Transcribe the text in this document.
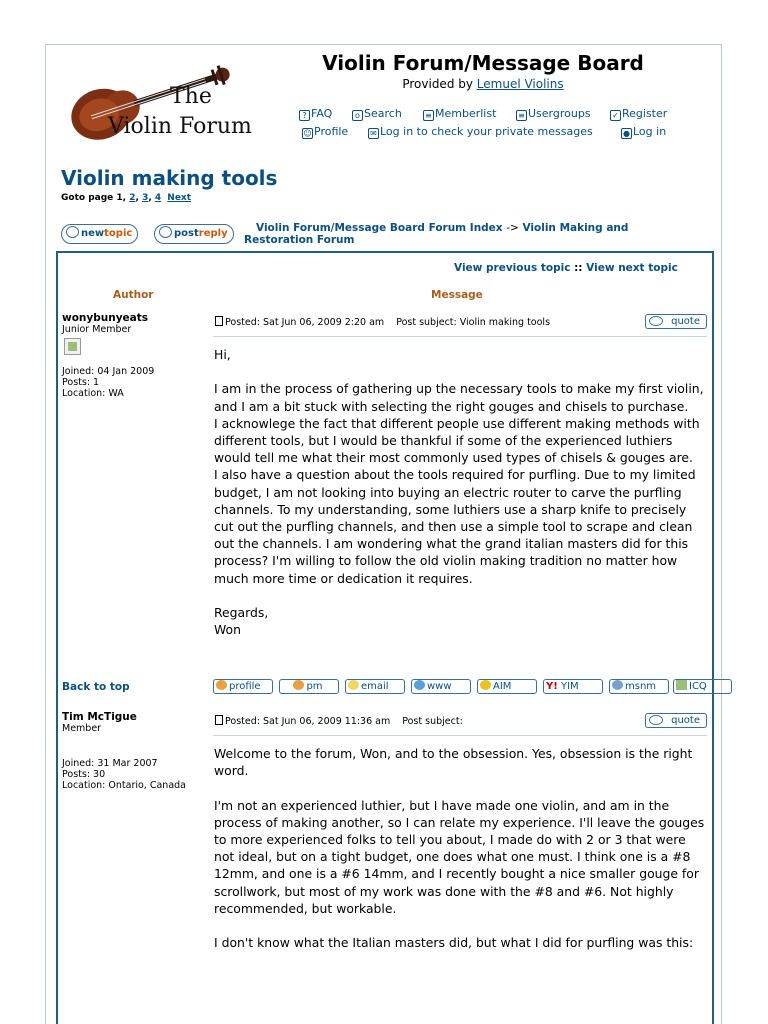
The
Violin Forum
Violin Forum/Message Board
Provided by Lemuel Violins
? FAQ	o Search	≡ Memberlist	≡ Usergroups	✓ Register
☺ Profile	✉ Log in to check your private messages	● Log in
Violin making tools
Goto page 1, 2, 3, 4 Next
newtopic	postreply	Violin Forum/Message Board Forum Index -> Violin Making and Restoration Forum
View previous topic :: View next topic
Author	Message
wonybunyeats
Junior Member
Joined: 04 Jan 2009
Posts: 1
Location: WA
Posted: Sat Jun 06, 2009 2:20 am Post subject: Violin making tools	quote

Hi,

I am in the process of gathering up the necessary tools to make my first violin, and I am a bit stuck with selecting the right gouges and chisels to purchase.

I acknowlege the fact that different people use different making methods with different tools, but I would be thankful if some of the experienced luthiers would tell me what their most commonly used types of chisels & gouges are.

I also have a question about the tools required for purfling. Due to my limited budget, I am not looking into buying an electric router to carve the purfling channels. To my understanding, some luthiers use a sharp knife to precisely cut out the purfling channels, and then use a simple tool to scrape and clean out the channels. I am wondering what the grand italian masters did for this process? I'm willing to follow the old violin making tradition no matter how much more time or dedication it requires.

Regards,

Won

Back to top	profile	pm	email	www	AIM	Y! YIM	msnm	ICQ
Tim McTigue
Member
Joined: 31 Mar 2007
Posts: 30
Location: Ontario, Canada
Posted: Sat Jun 06, 2009 11:36 am Post subject:	quote

Welcome to the forum, Won, and to the obsession. Yes, obsession is the right word.

I'm not an experienced luthier, but I have made one violin, and am in the process of making another, so I can relate my experience. I'll leave the gouges to more experienced folks to tell you about, I made do with 2 or 3 that were not ideal, but on a tight budget, one does what one must. I think one is a #8 12mm, and one is a #6 14mm, and I recently bought a nice smaller gouge for scrollwork, but most of my work was done with the #8 and #6. Not highly recommended, but workable.

I don't know what the Italian masters did, but what I did for purfling was this:
